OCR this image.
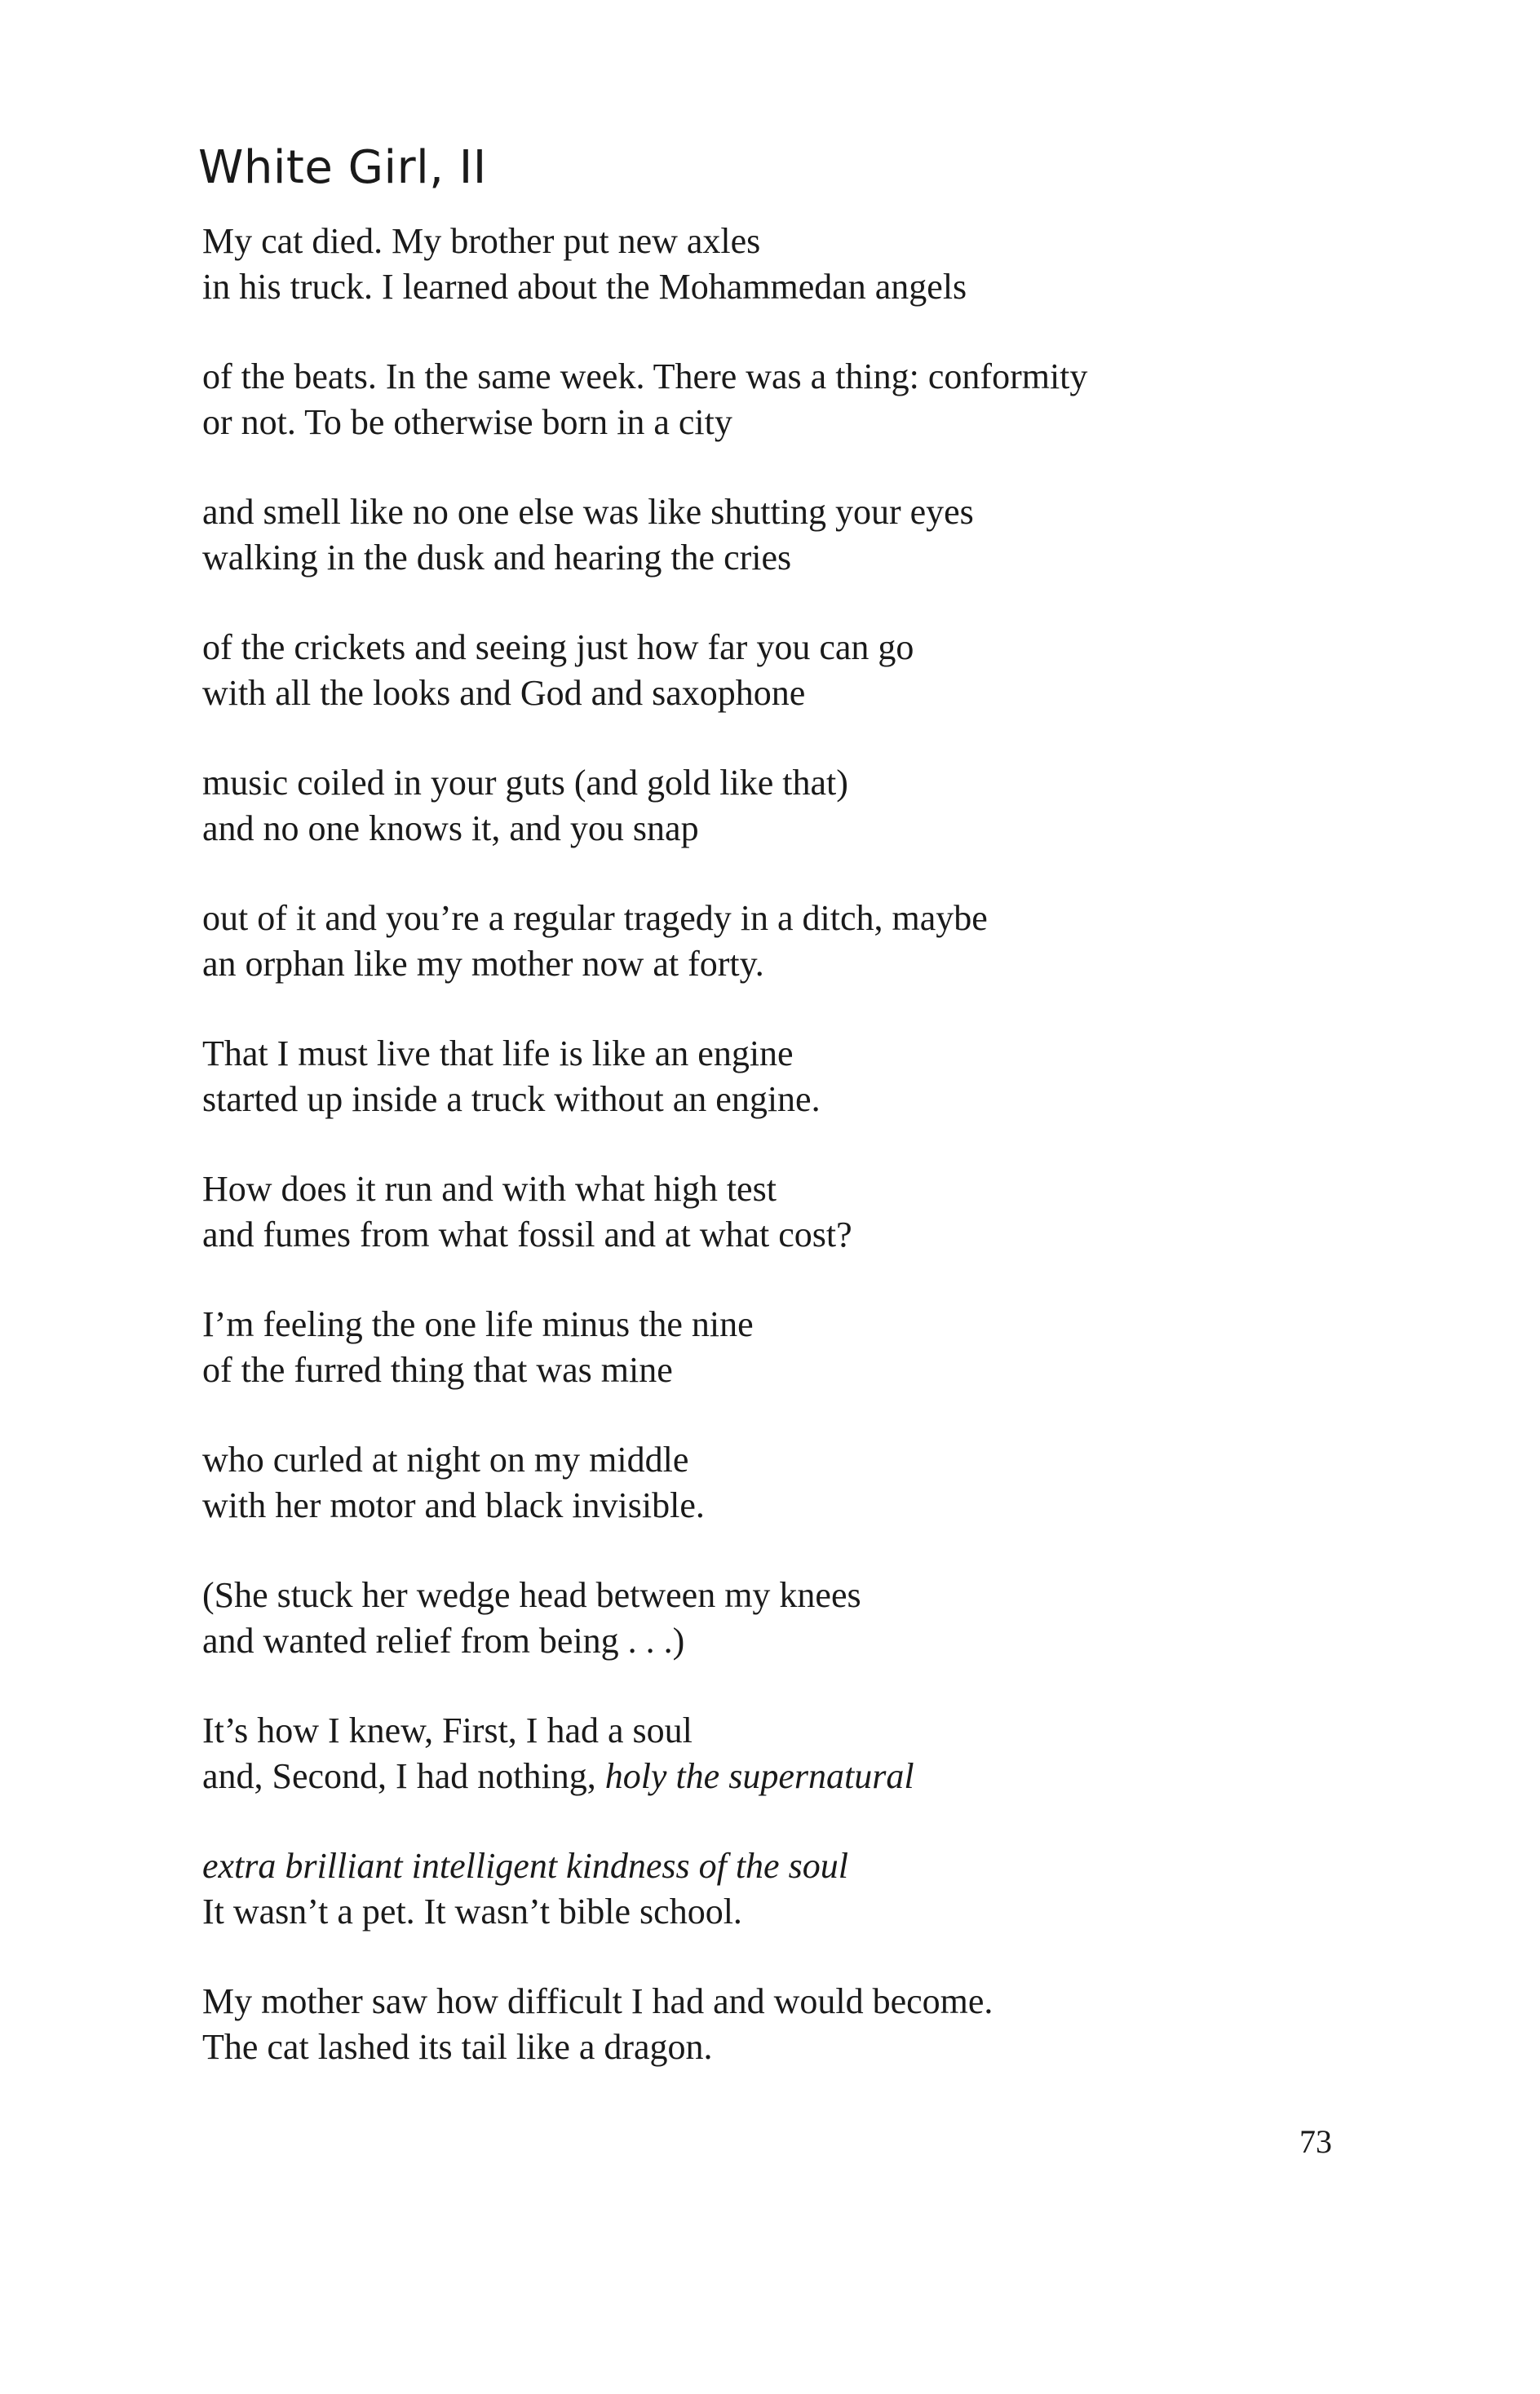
White Girl, II

My cat died. My brother put new axles
in his truck. I learned about the Mohammedan angels

of the beats. In the same week. There was a thing: conformity
or not. To be otherwise born in a city

and smell like no one else was like shutting your eyes
walking in the dusk and hearing the cries

of the crickets and seeing just how far you can go
with all the looks and God and saxophone

music coiled in your guts (and gold like that)
and no one knows it, and you snap

out of it and you’re a regular tragedy in a ditch, maybe
an orphan like my mother now at forty.

That I must live that life is like an engine
started up inside a truck without an engine.

How does it run and with what high test
and fumes from what fossil and at what cost?

I’m feeling the one life minus the nine
of the furred thing that was mine

who curled at night on my middle
with her motor and black invisible.

(She stuck her wedge head between my knees
and wanted relief from being . . .)

It’s how I knew, First, I had a soul
and, Second, I had nothing, holy the supernatural

extra brilliant intelligent kindness of the soul
It wasn’t a pet. It wasn’t bible school.

My mother saw how difficult I had and would become.
The cat lashed its tail like a dragon.

73
